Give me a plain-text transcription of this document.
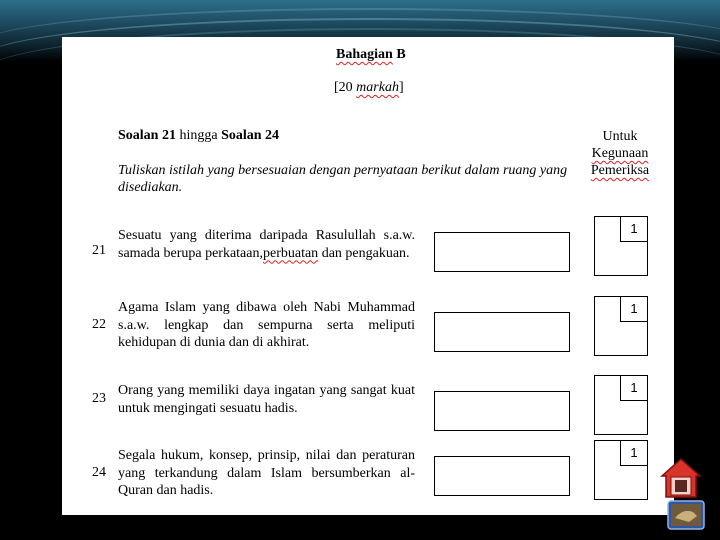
Bahagian B
[20 markah]
Soalan 21 hingga Soalan 24
Tuliskan istilah yang bersesuaian dengan pernyataan berikut dalam ruang yang disediakan.
Untuk
Kegunaan
Pemeriksa
21
Sesuatu yang diterima daripada Rasulullah s.a.w. samada berupa perkataan,perbuatan dan pengakuan.
1
22
Agama Islam yang dibawa oleh Nabi Muhammad s.a.w. lengkap dan sempurna serta meliputi kehidupan di dunia dan di akhirat.
1
23
Orang yang memiliki daya ingatan yang sangat kuat untuk mengingati sesuatu hadis.
1
24
Segala hukum, konsep, prinsip, nilai dan peraturan yang terkandung dalam Islam bersumberkan al-Quran dan hadis.
1
